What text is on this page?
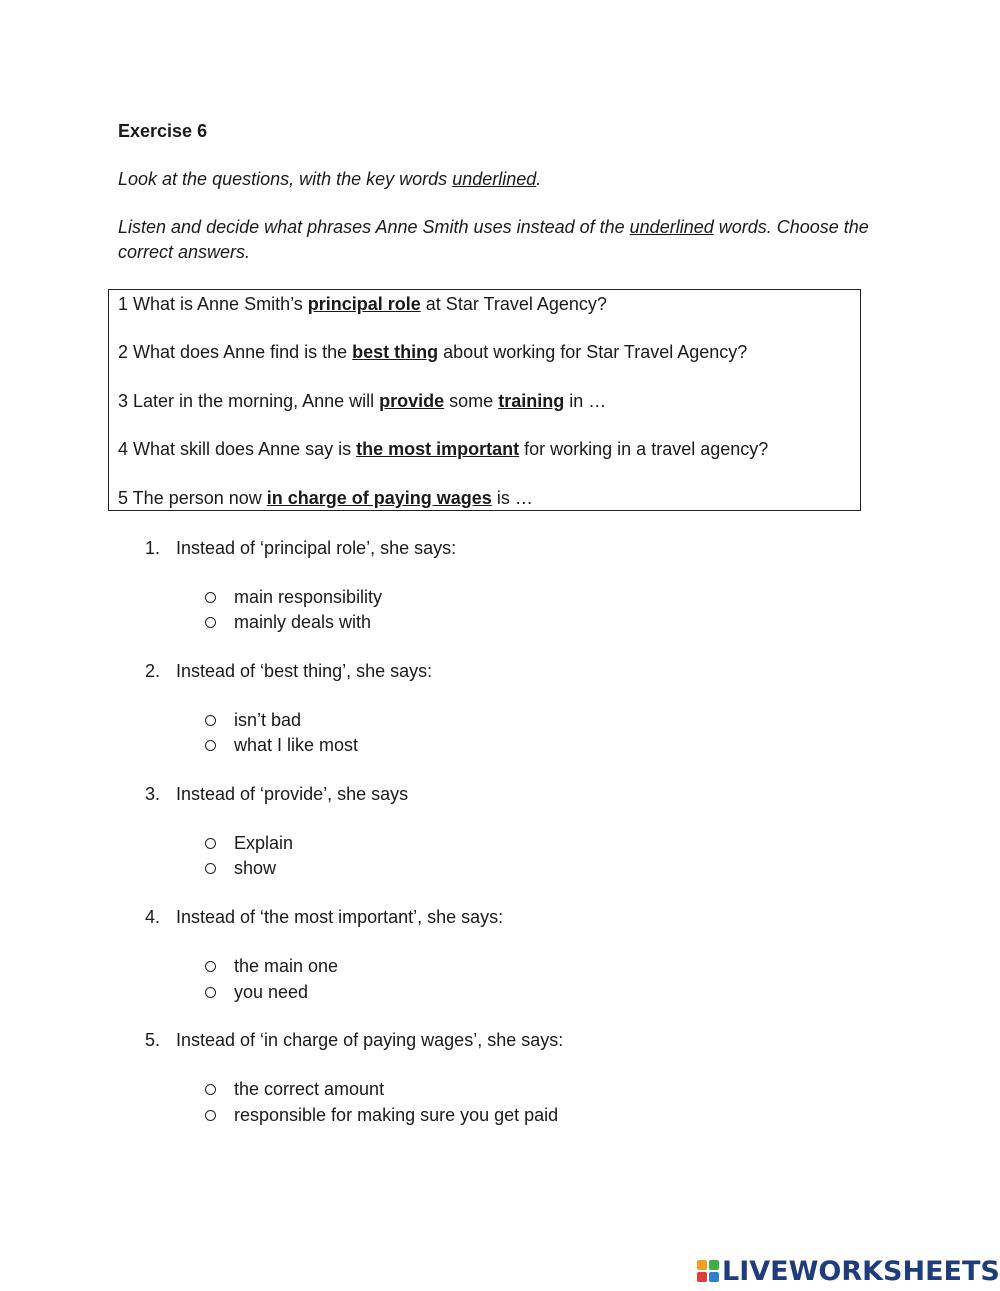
Exercise 6
Look at the questions, with the key words underlined.
Listen and decide what phrases Anne Smith uses instead of the underlined words. Choose the correct answers.
1 What is Anne Smith’s principal role at Star Travel Agency?
2 What does Anne find is the best thing about working for Star Travel Agency?
3 Later in the morning, Anne will provide some training in …
4 What skill does Anne say is the most important for working in a travel agency?
5 The person now in charge of paying wages is …
1. Instead of ‘principal role’, she says:
main responsibility
mainly deals with
2. Instead of ‘best thing’, she says:
isn’t bad
what I like most
3. Instead of ‘provide’, she says
Explain
show
4. Instead of ‘the most important’, she says:
the main one
you need
5. Instead of ‘in charge of paying wages’, she says:
the correct amount
responsible for making sure you get paid
LIVEWORKSHEETS
